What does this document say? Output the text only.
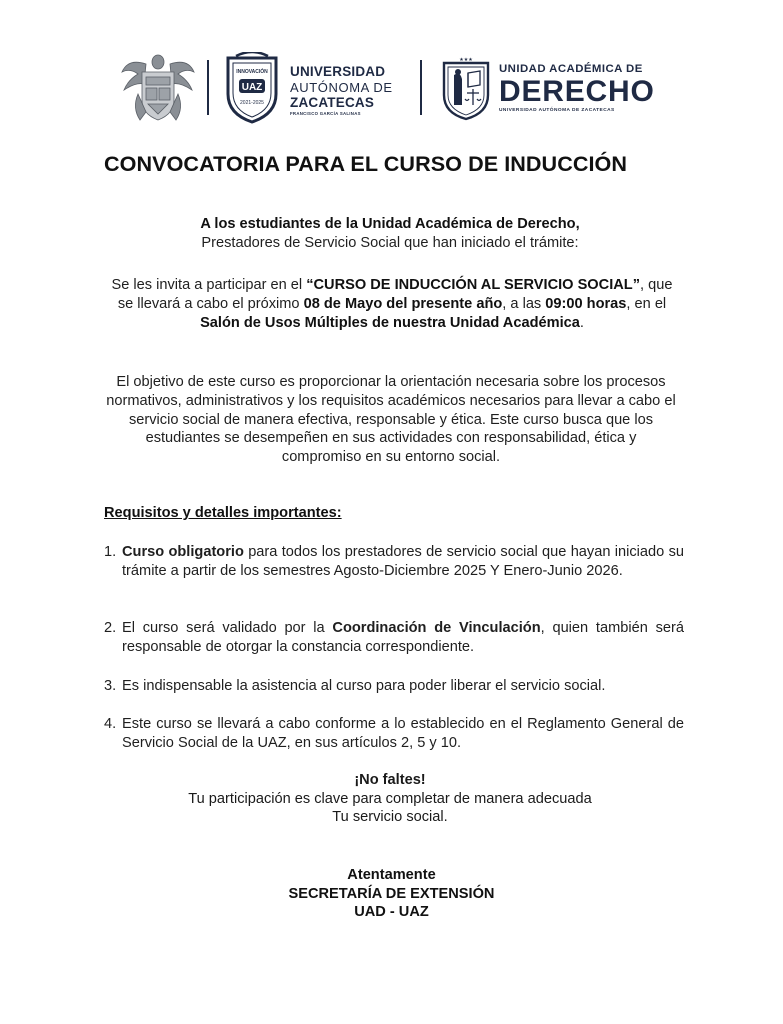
INNOVACIÓN
UAZ
2021-2025
UNIVERSIDAD
AUTÓNOMA DE
ZACATECAS
FRANCISCO GARCÍA SALINAS
★★★
UNIDAD ACADÉMICA DE
DERECHO
UNIVERSIDAD AUTÓNOMA DE ZACATECAS
CONVOCATORIA PARA EL CURSO DE INDUCCIÓN
A los estudiantes de la Unidad Académica de Derecho,
Prestadores de Servicio Social que han iniciado el trámite:
Se les invita a participar en el “CURSO DE INDUCCIÓN AL SERVICIO SOCIAL”, que se llevará a cabo el próximo 08 de Mayo del presente año, a las 09:00 horas, en el Salón de Usos Múltiples de nuestra Unidad Académica.
El objetivo de este curso es proporcionar la orientación necesaria sobre los procesos normativos, administrativos y los requisitos académicos necesarios para llevar a cabo el servicio social de manera efectiva, responsable y ética. Este curso busca que los estudiantes se desempeñen en sus actividades con responsabilidad, ética y compromiso en su entorno social.
Requisitos y detalles importantes:
1. Curso obligatorio para todos los prestadores de servicio social que hayan iniciado su trámite a partir de los semestres Agosto-Diciembre 2025 Y Enero-Junio 2026.
2. El curso será validado por la Coordinación de Vinculación, quien también será responsable de otorgar la constancia correspondiente.
3. Es indispensable la asistencia al curso para poder liberar el servicio social.
4. Este curso se llevará a cabo conforme a lo establecido en el Reglamento General de Servicio Social de la UAZ, en sus artículos 2, 5 y 10.
¡No faltes!
Tu participación es clave para completar de manera adecuada
Tu servicio social.
Atentamente
SECRETARÍA DE EXTENSIÓN
UAD - UAZ
